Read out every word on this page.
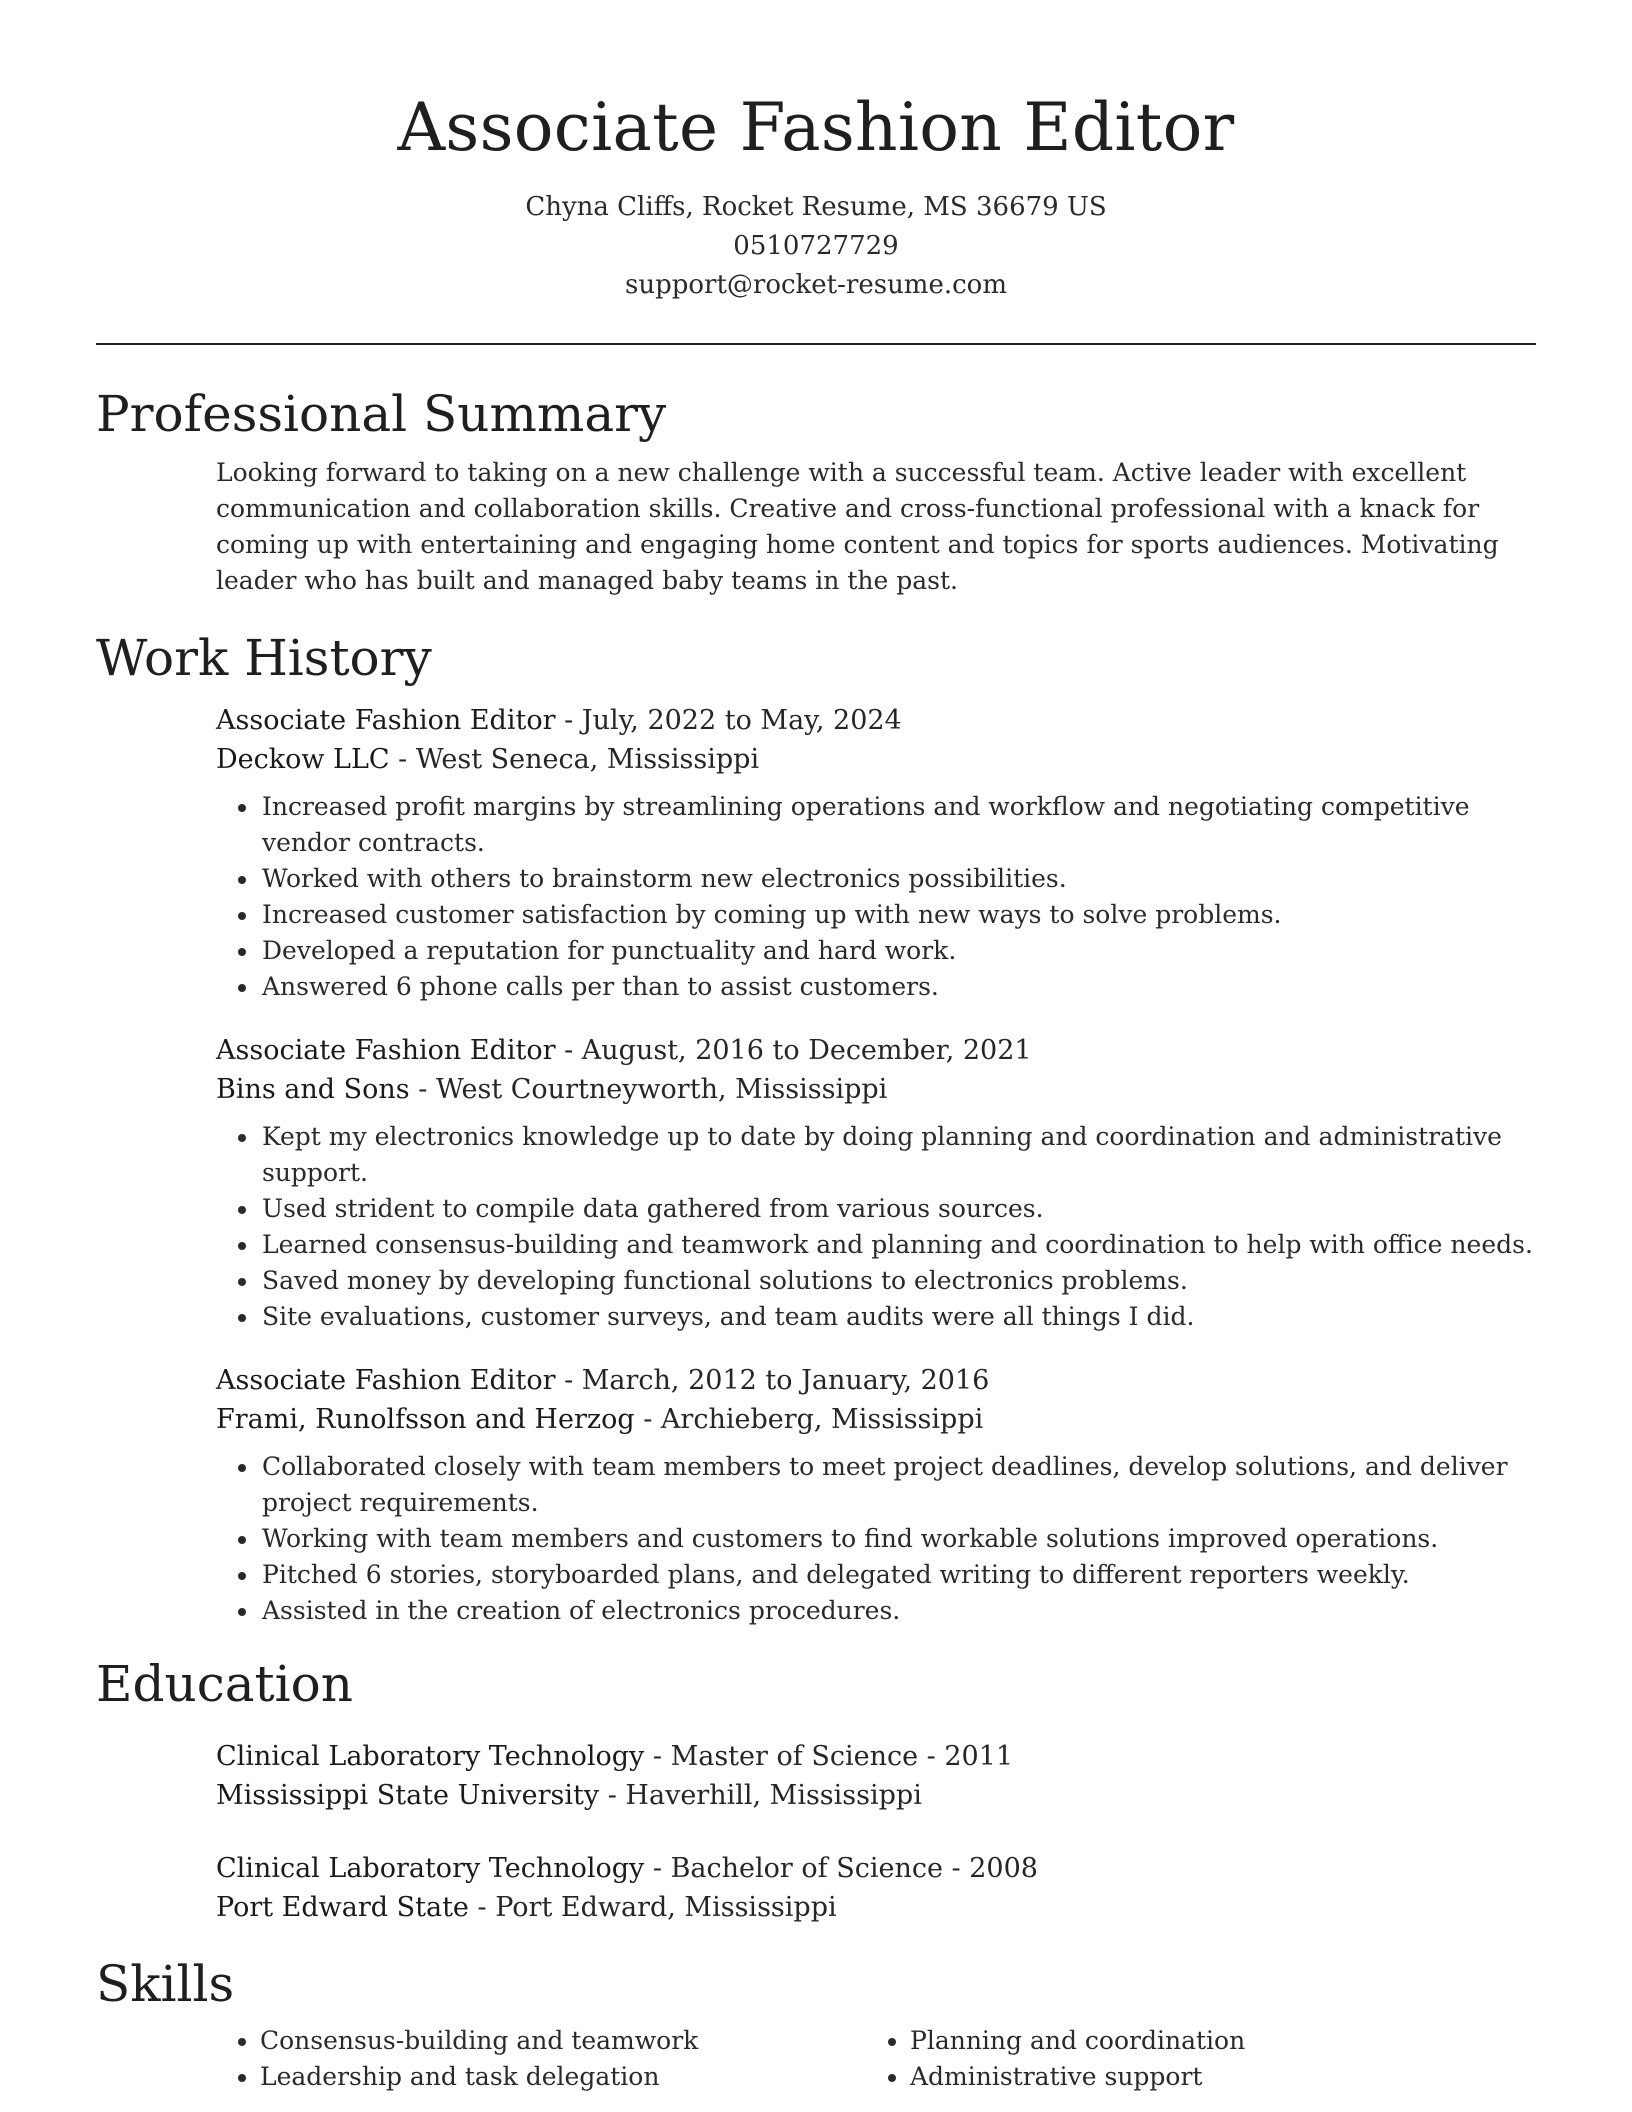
Associate Fashion Editor
Chyna Cliffs, Rocket Resume, MS 36679 US
0510727729
support@rocket-resume.com
Professional Summary

Looking forward to taking on a new challenge with a successful team. Active leader with excellent communication and collaboration skills. Creative and cross-functional professional with a knack for coming up with entertaining and engaging home content and topics for sports audiences. Motivating leader who has built and managed baby teams in the past.

Work History
Associate Fashion Editor - July, 2022 to May, 2024
Deckow LLC - West Seneca, Mississippi
• Increased profit margins by streamlining operations and workflow and negotiating competitive vendor contracts.
• Worked with others to brainstorm new electronics possibilities.
• Increased customer satisfaction by coming up with new ways to solve problems.
• Developed a reputation for punctuality and hard work.
• Answered 6 phone calls per than to assist customers.
Associate Fashion Editor - August, 2016 to December, 2021
Bins and Sons - West Courtneyworth, Mississippi
• Kept my electronics knowledge up to date by doing planning and coordination and administrative support.
• Used strident to compile data gathered from various sources.
• Learned consensus-building and teamwork and planning and coordination to help with office needs.
• Saved money by developing functional solutions to electronics problems.
• Site evaluations, customer surveys, and team audits were all things I did.
Associate Fashion Editor - March, 2012 to January, 2016
Frami, Runolfsson and Herzog - Archieberg, Mississippi
• Collaborated closely with team members to meet project deadlines, develop solutions, and deliver project requirements.
• Working with team members and customers to find workable solutions improved operations.
• Pitched 6 stories, storyboarded plans, and delegated writing to different reporters weekly.
• Assisted in the creation of electronics procedures.
Education
Clinical Laboratory Technology - Master of Science - 2011
Mississippi State University - Haverhill, Mississippi
Clinical Laboratory Technology - Bachelor of Science - 2008
Port Edward State - Port Edward, Mississippi
Skills
• Consensus-building and teamwork
• Leadership and task delegation
• Planning and coordination
• Administrative support
